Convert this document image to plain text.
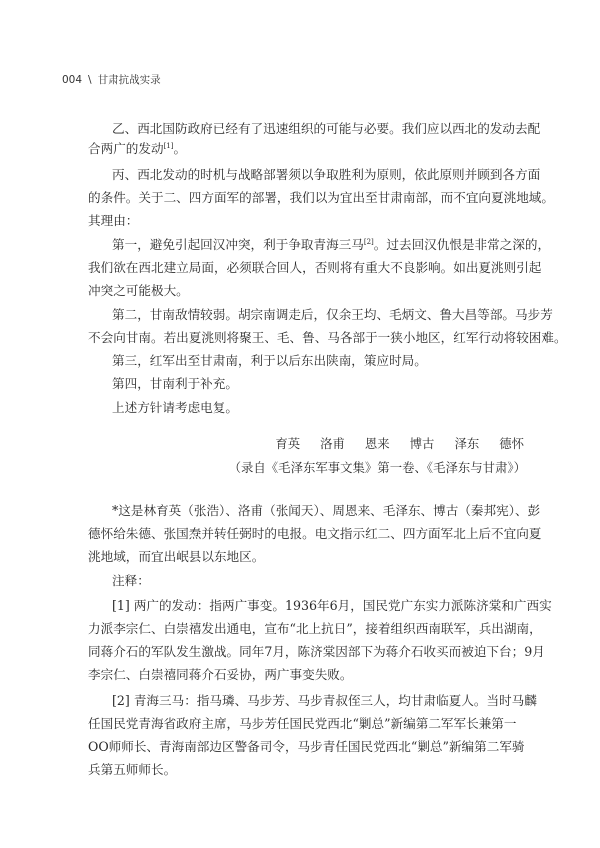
004 \ 甘肃抗战实录
乙、西北国防政府已经有了迅速组织的可能与必要。我们应以西北的发动去配
合两广的发动[1]。
丙、西北发动的时机与战略部署须以争取胜利为原则，依此原则并顾到各方面
的条件。关于二、四方面军的部署，我们以为宜出至甘肃南部，而不宜向夏洮地域。
其理由：
第一，避免引起回汉冲突，利于争取青海三马[2]。过去回汉仇恨是非常之深的，
我们欲在西北建立局面，必须联合回人，否则将有重大不良影响。如出夏洮则引起
冲突之可能极大。
第二，甘南敌情较弱。胡宗南调走后，仅余王均、毛炳文、鲁大昌等部。马步芳
不会向甘南。若出夏洮则将聚王、毛、鲁、马各部于一狭小地区，红军行动将较困难。
第三，红军出至甘肃南，利于以后东出陕南，策应时局。
第四，甘南利于补充。
上述方针请考虑电复。
育英 洛甫 恩来 博古 泽东 德怀
（录自《毛泽东军事文集》第一卷、《毛泽东与甘肃》）
*这是林育英（张浩）、洛甫（张闻天）、周恩来、毛泽东、博古（秦邦宪）、彭
德怀给朱德、张国焘并转任弼时的电报。电文指示红二、四方面军北上后不宜向夏
洮地域，而宜出岷县以东地区。
注释：
[1] 两广的发动：指两广事变。1936年6月，国民党广东实力派陈济棠和广西实
力派李宗仁、白崇禧发出通电，宣布“北上抗日”，接着组织西南联军，兵出湖南，
同蒋介石的军队发生激战。同年7月，陈济棠因部下为蒋介石收买而被迫下台；9月
李宗仁、白崇禧同蒋介石妥协，两广事变失败。
[2] 青海三马：指马璘、马步芳、马步青叔侄三人，均甘肃临夏人。当时马麟
任国民党青海省政府主席，马步芳任国民党西北“剿总”新编第二军军长兼第一
OO师师长、青海南部边区警备司令，马步青任国民党西北“剿总”新编第二军骑
兵第五师师长。
